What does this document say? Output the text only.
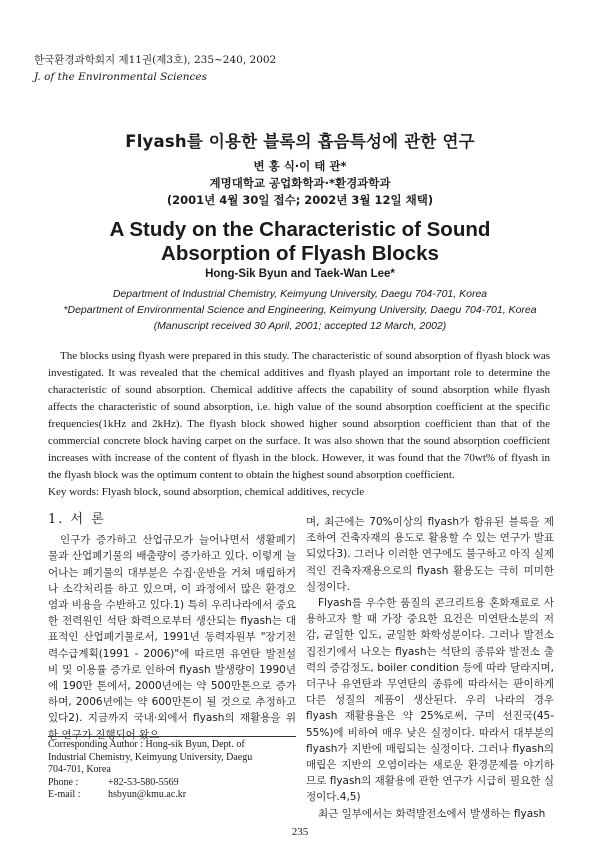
한국환경과학회지 제11권(제3호), 235~240, 2002
J. of the Environmental Sciences
Flyash를 이용한 블록의 흡음특성에 관한 연구
변 홍 식·이 태 관*
계명대학교 공업화학과·*환경과학과
(2001년 4월 30일 접수; 2002년 3월 12일 채택)
A Study on the Characteristic of Sound
Absorption of Flyash Blocks
Hong-Sik Byun and Taek-Wan Lee*
Department of Industrial Chemistry, Keimyung University, Daegu 704-701, Korea
*Department of Environmental Science and Engineering, Keimyung University, Daegu 704-701, Korea
(Manuscript received 30 April, 2001; accepted 12 March, 2002)

The blocks using flyash were prepared in this study. The characteristic of sound absorption of flyash block was investigated. It was revealed that the chemical additives and flyash played an important role to determine the characteristic of sound absorption. Chemical additive affects the capability of sound absorption while flyash affects the characteristic of sound absorption, i.e. high value of the sound absorption coefficient at the specific frequencies(1kHz and 2kHz). The flyash block showed higher sound absorption coefficient than that of the commercial concrete block having carpet on the surface. It was also shown that the sound absorption coefficient increases with increase of the content of flyash in the block. However, it was found that the 70wt% of flyash in the flyash block was the optimum content to obtain the highest sound absorption coefficient.

Key words: Flyash block, sound absorption, chemical additives, recycle
1. 서 론

인구가 증가하고 산업규모가 늘어나면서 생활폐기물과 산업폐기물의 배출량이 증가하고 있다. 이렇게 늘어나는 폐기물의 대부분은 수집·운반을 거쳐 매립하거나 소각처리를 하고 있으며, 이 과정에서 많은 환경오염과 비용을 수반하고 있다.1) 특히 우리나라에서 중요한 전력원인 석탄 화력으로부터 생산되는 flyash는 대표적인 산업폐기물로서, 1991년 동력자원부 "장기전력수급계획(1991 - 2006)"에 따르면 유연탄 발전설비 및 이용률 증가로 인하여 flyash 발생량이 1990년에 190만 톤에서, 2000년에는 약 500만톤으로 증가하며, 2006년에는 약 600만톤이 될 것으로 추정하고 있다2). 지금까지 국내·외에서 flyash의 재활용을 위한 연구가 진행되어 왔으

며, 최근에는 70%이상의 flyash가 함유된 블록을 제조하여 건축자재의 용도로 활용할 수 있는 연구가 발표되었다3). 그러나 이러한 연구에도 불구하고 아직 실제적인 건축자재용으로의 flyash 활용도는 극히 미미한 실정이다.

Flyash를 우수한 품질의 콘크리트용 혼화재료로 사용하고자 할 때 가장 중요한 요건은 미연탄소분의 저감, 균일한 입도, 균일한 화학성분이다. 그러나 발전소 집진기에서 나오는 flyash는 석탄의 종류와 발전소 출력의 증감정도, boiler condition 등에 따라 달라지며, 더구나 유연탄과 무연탄의 종류에 따라서는 판이하게 다른 성질의 제품이 생산된다. 우리 나라의 경우 flyash 재활용율은 약 25%로써, 구미 선진국(45-55%)에 비하여 매우 낮은 실정이다. 따라서 대부분의 flyash가 지반에 매립되는 실정이다. 그러나 flyash의 매립은 지반의 오염이라는 새로운 환경문제를 야기하므로 flyash의 재활용에 관한 연구가 시급히 필요한 실정이다.4,5)

최근 일부에서는 화력발전소에서 발생하는 flyash

Corresponding Author : Hong-sik Byun, Dept. of
Industrial Chemistry, Keimyung University, Daegu
704-701, Korea
Phone :	+82-53-580-5569
E-mail :	hsbyun@kmu.ac.kr
235
